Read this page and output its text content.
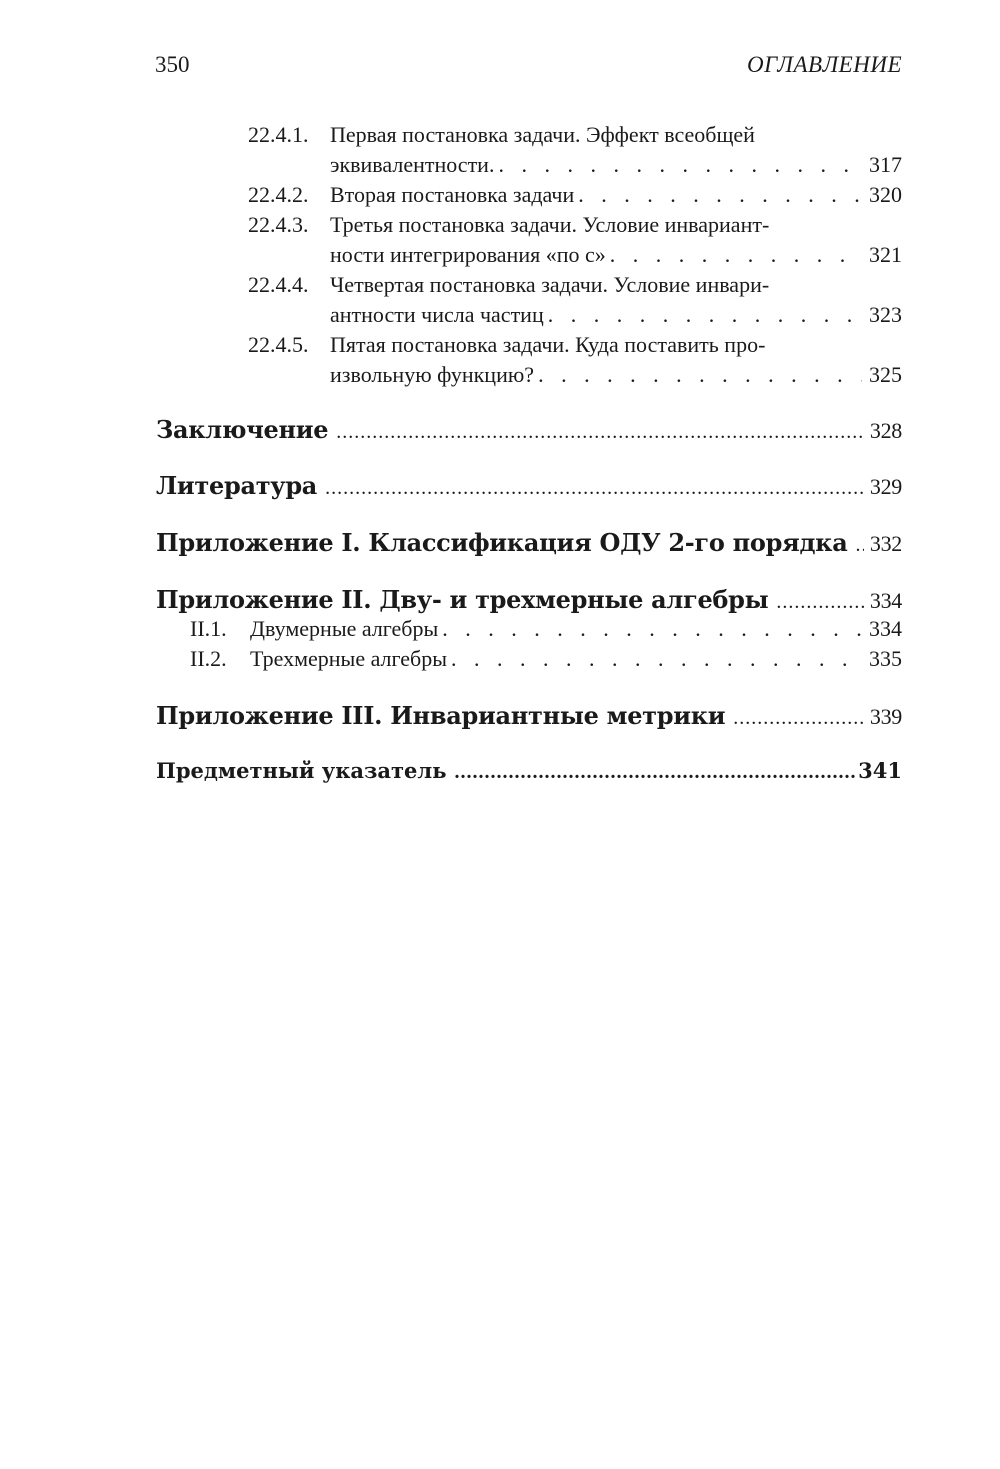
350	ОГЛАВЛЕНИЕ
22.4.1. Первая постановка задачи. Эффект всеобщей
эквивалентности. . . .	317
22.4.2. Вторая постановка задачи . . .	320
22.4.3. Третья постановка задачи. Условие инвариант-
ности интегрирования «по c» . . .	321
22.4.4. Четвертая постановка задачи. Условие инвари-
антности числа частиц . . .	323
22.4.5. Пятая постановка задачи. Куда поставить про-
извольную функцию? . . .	325
Заключение .....	328
Литература .....	329
Приложение I. Классификация ОДУ 2-го порядка ..... 332
Приложение II. Дву- и трехмерные алгебры .....	334
II.1.	Двумерные алгебры . . .	334
II.2.	Трехмерные алгебры . . .	335
Приложение III. Инвариантные метрики .....	339
Предметный указатель .....	341
